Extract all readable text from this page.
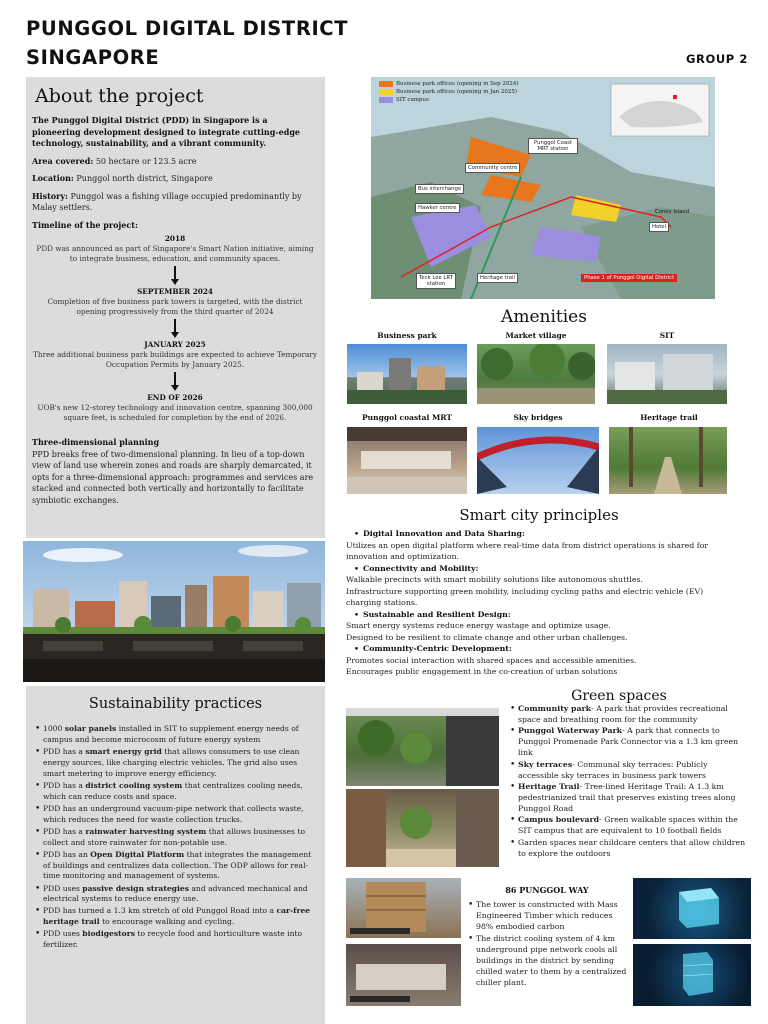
PUNGGOL DIGITAL DISTRICT
SINGAPORE	GROUP 2
About the project

The Punggol Digital District (PDD) in Singapore is a pioneering development designed to integrate cutting-edge technology, sustainability, and a vibrant community.

Area covered: 50 hectare or 123.5 acre

Location: Punggol north district, Singapore

History: Punggol was a fishing village occupied predominantly by Malay settlers.

Timeline of the project:

2018
PDD was announced as part of Singapore's Smart Nation initiative, aiming to integrate business, education, and community spaces.
SEPTEMBER 2024
Completion of five business park towers is targeted, with the district opening progressively from the third quarter of 2024
JANUARY 2025
Three additional business park buildings are expected to achieve Temporary Occupation Permits by January 2025.
END OF 2026
UOB's new 12-storey technology and innovation centre, spanning 300,000 square feet, is scheduled for completion by the end of 2026.

Three-dimensional planning

PPD breaks free of two-dimensional planning. In lieu of a top-down view of land use wherein zones and roads are sharply demarcated, it opts for a three-dimensional approach: programmes and services are stacked and connected both vertically and horizontally to facilitate symbiotic exchanges.

Sustainability practices
• 1000 solar panels installed in SIT to supplement energy needs of campus and become microcosm of future energy system
• PDD has a smart energy grid that allows consumers to use clean energy sources, like charging electric vehicles. The grid also uses smart metering to improve energy efficiency.
• PDD has a district cooling system that centralizes cooling needs, which can reduce costs and space.
• PDD has an underground vacuum-pipe network that collects waste, which reduces the need for waste collection trucks.
• PDD has a rainwater harvesting system that allows businesses to collect and store rainwater for non-potable use.
• PDD has an Open Digital Platform that integrates the management of buildings and centralizes data collection. The ODP allows for real-time monitoring and management of systems.
• PDD uses passive design strategies and advanced mechanical and electrical systems to reduce energy use.
• PDD has turned a 1.3 km stretch of old Punggol Road into a car-free heritage trail to encourage walking and cycling.
• PDD uses biodigestors to recycle food and horticulture waste into fertilizer.
Business park offices (opening in Sep 2024)
Business park offices (opening in Jan 2025)
SIT campus
Punggol Coast MRT station
Community centre
Bus interchange
Hawker centre
Coney Island
Hotel
Teck Lee LRT station
Heritage trail	Phase 1 of Punggol Digital District
Amenities
Business park	Market village	SIT
Punggol coastal MRT	Sky bridges	Heritage trail
Smart city principles
• Digital Innovation and Data Sharing:
Utilizes an open digital platform where real-time data from district operations is shared for innovation and optimization.
• Connectivity and Mobility:
Walkable precincts with smart mobility solutions like autonomous shuttles.
Infrastructure supporting green mobility, including cycling paths and electric vehicle (EV) charging stations.
• Sustainable and Resilient Design:
Smart energy systems reduce energy wastage and optimize usage.
Designed to be resilient to climate change and other urban challenges.
• Community-Centric Development:
Promotes social interaction with shared spaces and accessible amenities.
Encourages public engagement in the co-creation of urban solutions
Green spaces
• Community park- A park that provides recreational space and breathing room for the community
• Punggol Waterway Park- A park that connects to Punggol Promenade Park Connector via a 1.3 km green link
• Sky terraces- Communal sky terraces: Publicly accessible sky terraces in business park towers
• Heritage Trail- Tree-lined Heritage Trail: A 1.3 km pedestrianized trail that preserves existing trees along Punggol Road
• Campus boulevard- Green walkable spaces within the SIT campus that are equivalent to 10 football fields
• Garden spaces near childcare centers that allow children to explore the outdoors
86 PUNGGOL WAY
• The tower is constructed with Mass Engineered Timber which reduces 98% embodied carbon
• The district cooling system of 4 km underground pipe network cools all buildings in the district by sending chilled water to them by a centralized chiller plant.
